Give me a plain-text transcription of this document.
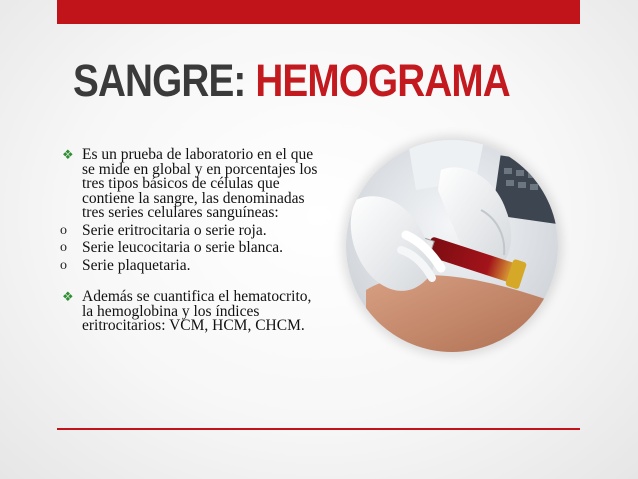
SANGRE: HEMOGRAMA
❖ Es un prueba de laboratorio en el que se mide en global y en porcentajes los tres tipos básicos de células que contiene la sangre, las denominadas tres series celulares sanguíneas:
o Serie eritrocitaria o serie roja.
o Serie leucocitaria o serie blanca.
o Serie plaquetaria.
❖ Además se cuantifica el hematocrito, la hemoglobina y los índices eritrocitarios: VCM, HCM, CHCM.
